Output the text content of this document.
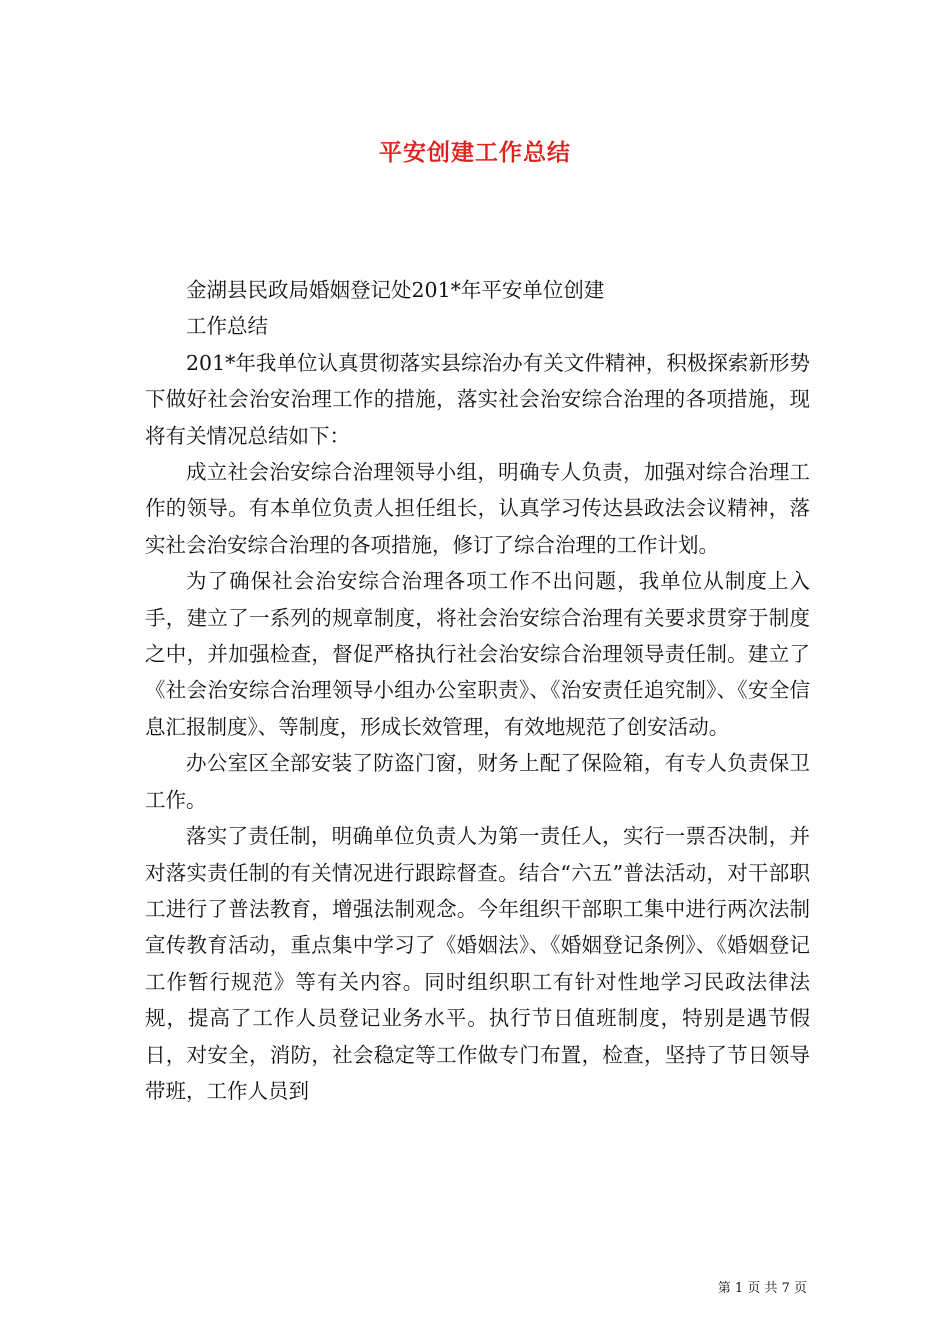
平安创建工作总结

金湖县民政局婚姻登记处201*年平安单位创建

工作总结

201*年我单位认真贯彻落实县综治办有关文件精神，积极探索新形势下做好社会治安治理工作的措施，落实社会治安综合治理的各项措施，现将有关情况总结如下：

成立社会治安综合治理领导小组，明确专人负责，加强对综合治理工作的领导。有本单位负责人担任组长，认真学习传达县政法会议精神，落实社会治安综合治理的各项措施，修订了综合治理的工作计划。

为了确保社会治安综合治理各项工作不出问题，我单位从制度上入手，建立了一系列的规章制度，将社会治安综合治理有关要求贯穿于制度之中，并加强检查，督促严格执行社会治安综合治理领导责任制。建立了《社会治安综合治理领导小组办公室职责》、《治安责任追究制》、《安全信息汇报制度》、等制度，形成长效管理，有效地规范了创安活动。

办公室区全部安装了防盗门窗，财务上配了保险箱，有专人负责保卫工作。

落实了责任制，明确单位负责人为第一责任人，实行一票否决制，并对落实责任制的有关情况进行跟踪督查。结合“六五”普法活动，对干部职工进行了普法教育，增强法制观念。今年组织干部职工集中进行两次法制宣传教育活动，重点集中学习了《婚姻法》、《婚姻登记条例》、《婚姻登记工作暂行规范》等有关内容。同时组织职工有针对性地学习民政法律法规，提高了工作人员登记业务水平。执行节日值班制度，特别是遇节假日，对安全，消防，社会稳定等工作做专门布置，检查，坚持了节日领导带班，工作人员到

第 1 页 共 7 页
